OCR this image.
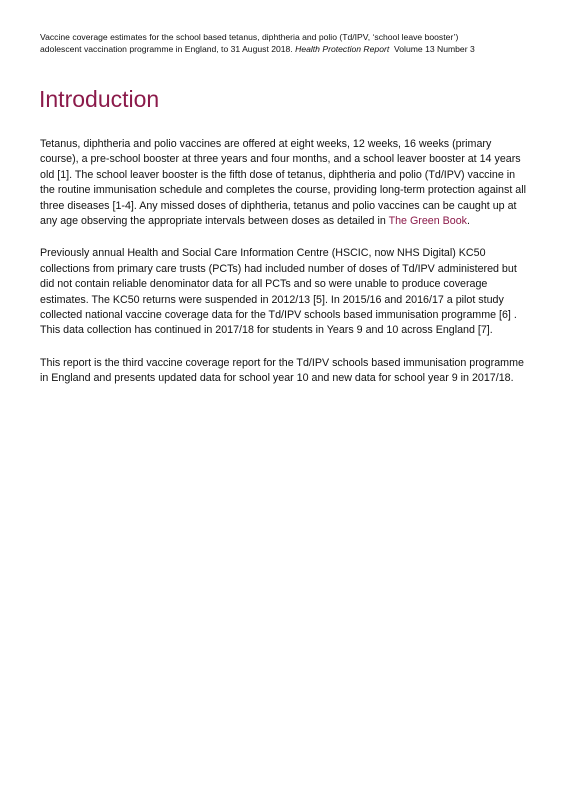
Vaccine coverage estimates for the school based tetanus, diphtheria and polio (Td/IPV, ‘school leave booster’)
adolescent vaccination programme in England, to 31 August 2018. Health Protection Report Volume 13 Number 3
Introduction

Tetanus, diphtheria and polio vaccines are offered at eight weeks, 12 weeks, 16 weeks (primary course), a pre-school booster at three years and four months, and a school leaver booster at 14 years old [1]. The school leaver booster is the fifth dose of tetanus, diphtheria and polio (Td/IPV) vaccine in the routine immunisation schedule and completes the course, providing long-term protection against all three diseases [1-4]. Any missed doses of diphtheria, tetanus and polio vaccines can be caught up at any age observing the appropriate intervals between doses as detailed in The Green Book.

Previously annual Health and Social Care Information Centre (HSCIC, now NHS Digital) KC50 collections from primary care trusts (PCTs) had included number of doses of Td/IPV administered but did not contain reliable denominator data for all PCTs and so were unable to produce coverage estimates. The KC50 returns were suspended in 2012/13 [5]. In 2015/16 and 2016/17 a pilot study collected national vaccine coverage data for the Td/IPV schools based immunisation programme [6] . This data collection has continued in 2017/18 for students in Years 9 and 10 across England [7].

This report is the third vaccine coverage report for the Td/IPV schools based immunisation programme in England and presents updated data for school year 10 and new data for school year 9 in 2017/18.
